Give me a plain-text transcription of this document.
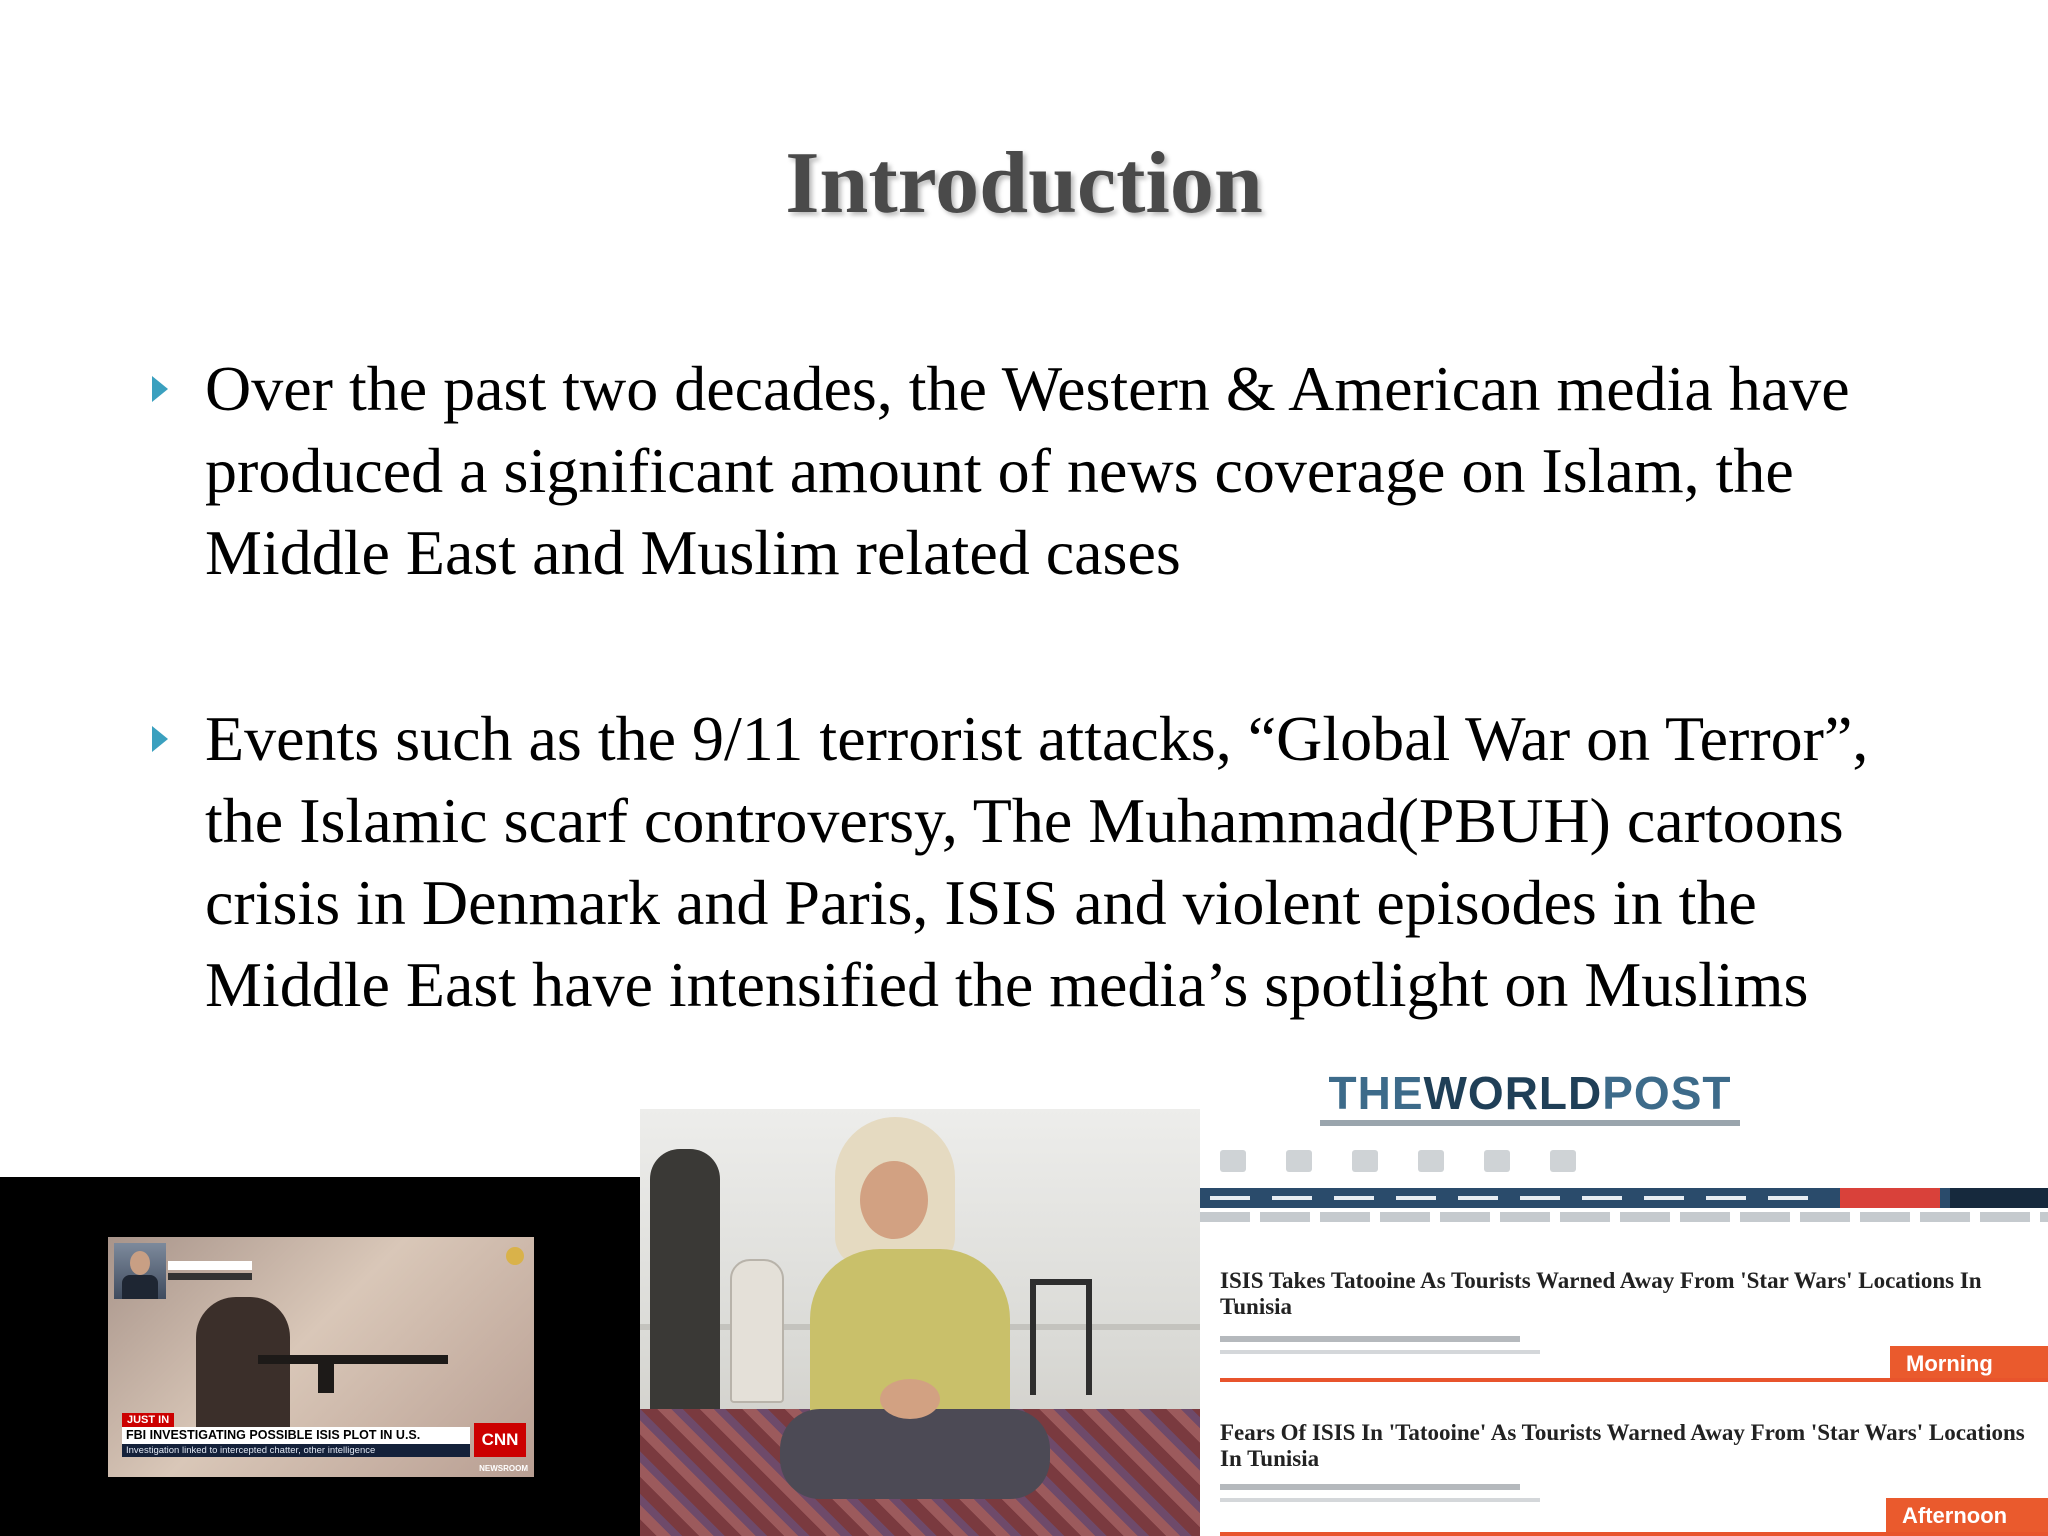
Introduction
Over the past two decades, the Western & American media have produced a significant amount of news coverage on Islam, the Middle East and Muslim related cases
Events such as the 9/11 terrorist attacks, “Global War on Terror”, the Islamic scarf controversy, The Muhammad(PBUH) cartoons crisis in Denmark and Paris, ISIS and violent episodes in the Middle East have intensified the media’s spotlight on Muslims
JUST IN
FBI INVESTIGATING POSSIBLE ISIS PLOT IN U.S.
Investigation linked to intercepted chatter, other intelligence
CNN
NEWSROOM
THEWORLDPOST
ISIS Takes Tatooine As Tourists Warned Away From 'Star Wars' Locations In Tunisia
Morning
Fears Of ISIS In 'Tatooine' As Tourists Warned Away From 'Star Wars' Locations In Tunisia
Afternoon
